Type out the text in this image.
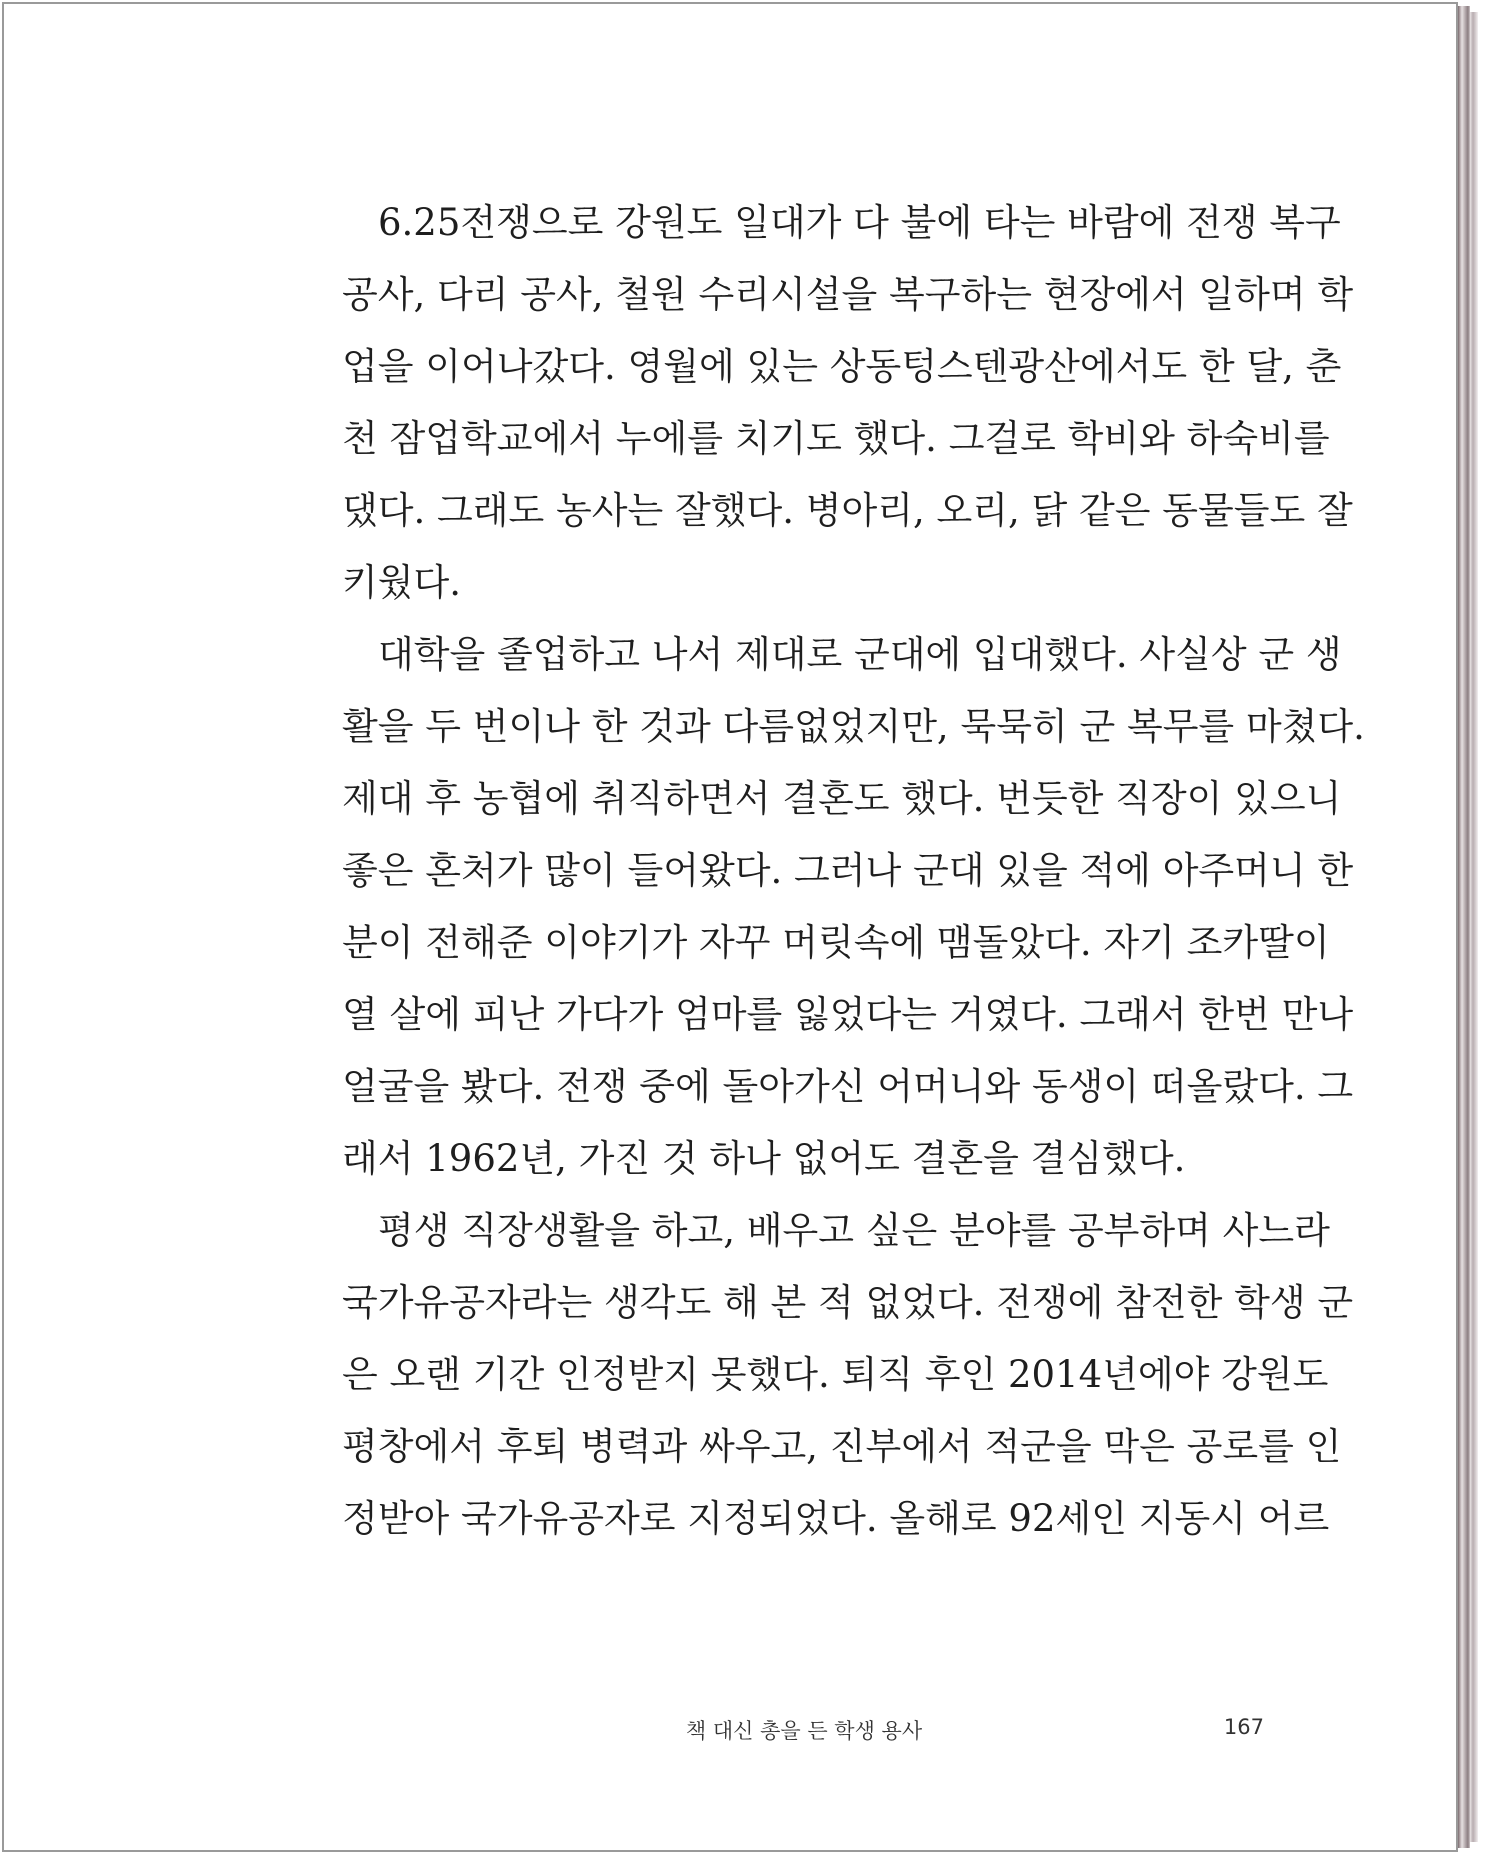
6.25전쟁으로 강원도 일대가 다 불에 타는 바람에 전쟁 복구
공사, 다리 공사, 철원 수리시설을 복구하는 현장에서 일하며 학
업을 이어나갔다. 영월에 있는 상동텅스텐광산에서도 한 달, 춘
천 잠업학교에서 누에를 치기도 했다. 그걸로 학비와 하숙비를
댔다. 그래도 농사는 잘했다. 병아리, 오리, 닭 같은 동물들도 잘
키웠다.
대학을 졸업하고 나서 제대로 군대에 입대했다. 사실상 군 생
활을 두 번이나 한 것과 다름없었지만, 묵묵히 군 복무를 마쳤다.
제대 후 농협에 취직하면서 결혼도 했다. 번듯한 직장이 있으니
좋은 혼처가 많이 들어왔다. 그러나 군대 있을 적에 아주머니 한
분이 전해준 이야기가 자꾸 머릿속에 맴돌았다. 자기 조카딸이
열 살에 피난 가다가 엄마를 잃었다는 거였다. 그래서 한번 만나
얼굴을 봤다. 전쟁 중에 돌아가신 어머니와 동생이 떠올랐다. 그
래서 1962년, 가진 것 하나 없어도 결혼을 결심했다.
평생 직장생활을 하고, 배우고 싶은 분야를 공부하며 사느라
국가유공자라는 생각도 해 본 적 없었다. 전쟁에 참전한 학생 군
은 오랜 기간 인정받지 못했다. 퇴직 후인 2014년에야 강원도
평창에서 후퇴 병력과 싸우고, 진부에서 적군을 막은 공로를 인
정받아 국가유공자로 지정되었다. 올해로 92세인 지동시 어르
책 대신 총을 든 학생 용사	167
